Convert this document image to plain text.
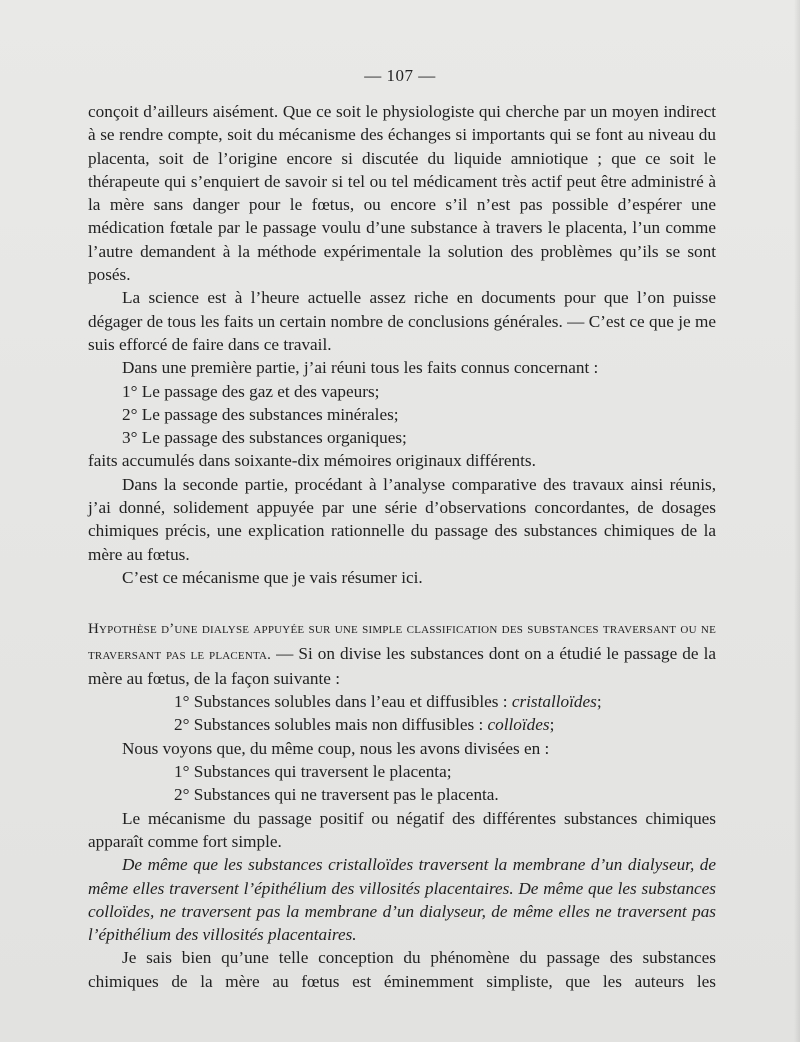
— 107 —

conçoit d’ailleurs aisément. Que ce soit le physiologiste qui cherche par un moyen indirect à se rendre compte, soit du mécanisme des échanges si importants qui se font au niveau du placenta, soit de l’origine encore si discutée du liquide amniotique ; que ce soit le thérapeute qui s’enquiert de savoir si tel ou tel médicament très actif peut être administré à la mère sans danger pour le fœtus, ou encore s’il n’est pas possible d’espérer une médication fœtale par le passage voulu d’une substance à travers le placenta, l’un comme l’autre demandent à la méthode expérimentale la solution des problèmes qu’ils se sont posés.

La science est à l’heure actuelle assez riche en documents pour que l’on puisse dégager de tous les faits un certain nombre de conclusions générales. — C’est ce que je me suis efforcé de faire dans ce travail.

Dans une première partie, j’ai réuni tous les faits connus concernant :

1° Le passage des gaz et des vapeurs;

2° Le passage des substances minérales;

3° Le passage des substances organiques;

faits accumulés dans soixante-dix mémoires originaux différents.

Dans la seconde partie, procédant à l’analyse comparative des travaux ainsi réunis, j’ai donné, solidement appuyée par une série d’observations concordantes, de dosages chimiques précis, une explication rationnelle du passage des substances chimiques de la mère au fœtus.

C’est ce mécanisme que je vais résumer ici.

Hypothèse d’une dialyse appuyée sur une simple classification des substances traversant ou ne traversant pas le placenta. — Si on divise les substances dont on a étudié le passage de la mère au fœtus, de la façon suivante :

1° Substances solubles dans l’eau et diffusibles : cristalloïdes;

2° Substances solubles mais non diffusibles : colloïdes;

Nous voyons que, du même coup, nous les avons divisées en :

1° Substances qui traversent le placenta;

2° Substances qui ne traversent pas le placenta.

Le mécanisme du passage positif ou négatif des différentes substances chimiques apparaît comme fort simple.

De même que les substances cristalloïdes traversent la membrane d’un dialyseur, de même elles traversent l’épithélium des villosités placentaires. De même que les substances colloïdes, ne traversent pas la membrane d’un dialyseur, de même elles ne traversent pas l’épithélium des villosités placentaires.

Je sais bien qu’une telle conception du phénomène du passage des substances chimiques de la mère au fœtus est éminemment simpliste, que les auteurs les
